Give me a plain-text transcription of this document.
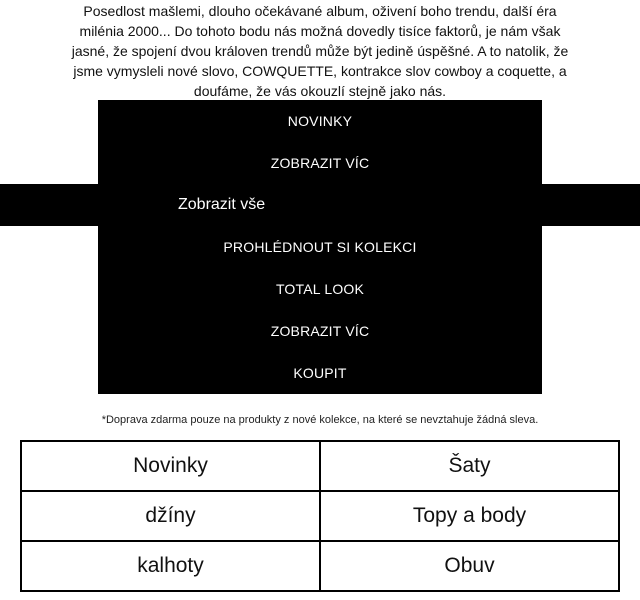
Posedlost mašlemi, dlouho očekávané album, oživení boho trendu, další éra milénia 2000... Do tohoto bodu nás možná dovedly tisíce faktorů, je nám však jasné, že spojení dvou královen trendů může být jedině úspěšné. A to natolik, že jsme vymysleli nové slovo, COWQUETTE, kontrakce slov cowboy a coquette, a doufáme, že vás okouzlí stejně jako nás.
NOVINKY
ZOBRAZIT VÍC
Zobrazit vše
PROHLÉDNOUT SI KOLEKCI
TOTAL LOOK
ZOBRAZIT VÍC
KOUPIT
*Doprava zdarma pouze na produkty z nové kolekce, na které se nevztahuje žádná sleva.
Novinky	Šaty
džíny	Topy a body
kalhoty	Obuv
